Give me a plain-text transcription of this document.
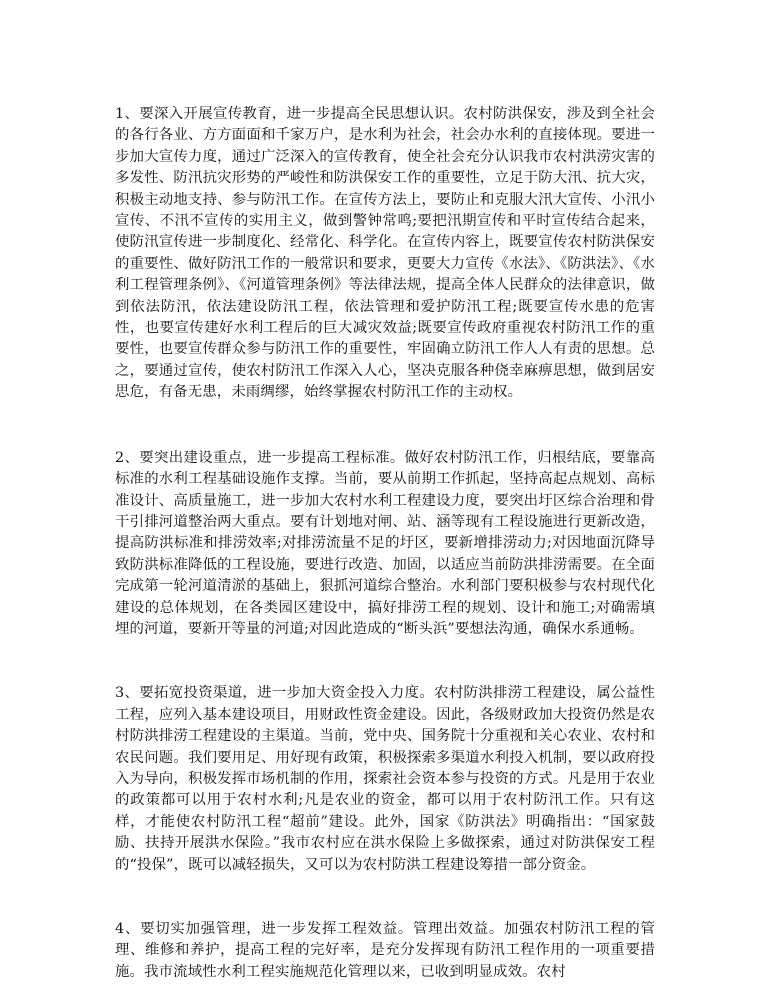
1、要深入开展宣传教育，进一步提高全民思想认识。农村防洪保安，涉及到全社会的各行各业、方方面面和千家万户，是水利为社会，社会办水利的直接体现。要进一步加大宣传力度，通过广泛深入的宣传教育，使全社会充分认识我市农村洪涝灾害的多发性、防汛抗灾形势的严峻性和防洪保安工作的重要性，立足于防大汛、抗大灾，积极主动地支持、参与防汛工作。在宣传方法上，要防止和克服大汛大宣传、小汛小宣传、不汛不宣传的实用主义，做到警钟常鸣;要把汛期宣传和平时宣传结合起来，使防汛宣传进一步制度化、经常化、科学化。在宣传内容上，既要宣传农村防洪保安的重要性、做好防汛工作的一般常识和要求，更要大力宣传《水法》、《防洪法》、《水利工程管理条例》、《河道管理条例》等法律法规，提高全体人民群众的法律意识，做到依法防汛，依法建设防汛工程，依法管理和爱护防汛工程;既要宣传水患的危害性，也要宣传建好水利工程后的巨大减灾效益;既要宣传政府重视农村防汛工作的重要性，也要宣传群众参与防汛工作的重要性，牢固确立防汛工作人人有责的思想。总之，要通过宣传，使农村防汛工作深入人心，坚决克服各种侥幸麻痹思想，做到居安思危，有备无患，未雨绸缪，始终掌握农村防汛工作的主动权。

2、要突出建设重点，进一步提高工程标准。做好农村防汛工作，归根结底，要靠高标准的水利工程基础设施作支撑。当前，要从前期工作抓起，坚持高起点规划、高标准设计、高质量施工，进一步加大农村水利工程建设力度，要突出圩区综合治理和骨干引排河道整治两大重点。要有计划地对闸、站、涵等现有工程设施进行更新改造，提高防洪标准和排涝效率;对排涝流量不足的圩区，要新增排涝动力;对因地面沉降导致防洪标准降低的工程设施，要进行改造、加固，以适应当前防洪排涝需要。在全面完成第一轮河道清淤的基础上，狠抓河道综合整治。水利部门要积极参与农村现代化建设的总体规划，在各类园区建设中，搞好排涝工程的规划、设计和施工;对确需填埋的河道，要新开等量的河道;对因此造成的“断头浜”要想法沟通，确保水系通畅。

3、要拓宽投资渠道，进一步加大资金投入力度。农村防洪排涝工程建设，属公益性工程，应列入基本建设项目，用财政性资金建设。因此，各级财政加大投资仍然是农村防洪排涝工程建设的主渠道。当前，党中央、国务院十分重视和关心农业、农村和农民问题。我们要用足、用好现有政策，积极探索多渠道水利投入机制，要以政府投入为导向，积极发挥市场机制的作用，探索社会资本参与投资的方式。凡是用于农业的政策都可以用于农村水利;凡是农业的资金，都可以用于农村防汛工作。只有这样，才能使农村防汛工程“超前”建设。此外，国家《防洪法》明确指出：“国家鼓励、扶持开展洪水保险。”我市农村应在洪水保险上多做探索，通过对防洪保安工程的“投保”，既可以减轻损失，又可以为农村防洪工程建设筹措一部分资金。

4、要切实加强管理，进一步发挥工程效益。管理出效益。加强农村防汛工程的管理、维修和养护，提高工程的完好率，是充分发挥现有防汛工程作用的一项重要措施。我市流域性水利工程实施规范化管理以来，已收到明显成效。农村
